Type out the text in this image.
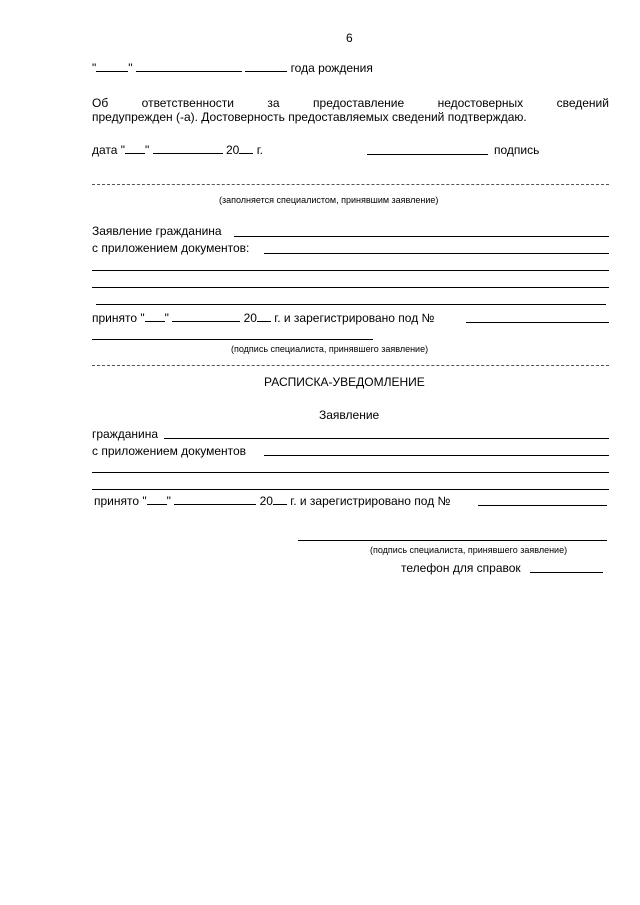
6
"	"	года рождения
Об	ответственности	за	предоставление	недостоверных	сведений
предупрежден (-а). Достоверность предоставляемых сведений подтверждаю.
дата " "	20 г.	подпись
(заполняется специалистом, принявшим заявление)
Заявление гражданина
с приложением документов:
принято " "	20 г. и зарегистрировано под №
(подпись специалиста, принявшего заявление)
РАСПИСКА-УВЕДОМЛЕНИЕ
Заявление
гражданина
с приложением документов
принято " "	20 г. и зарегистрировано под №
(подпись специалиста, принявшего заявление)
телефон для справок
